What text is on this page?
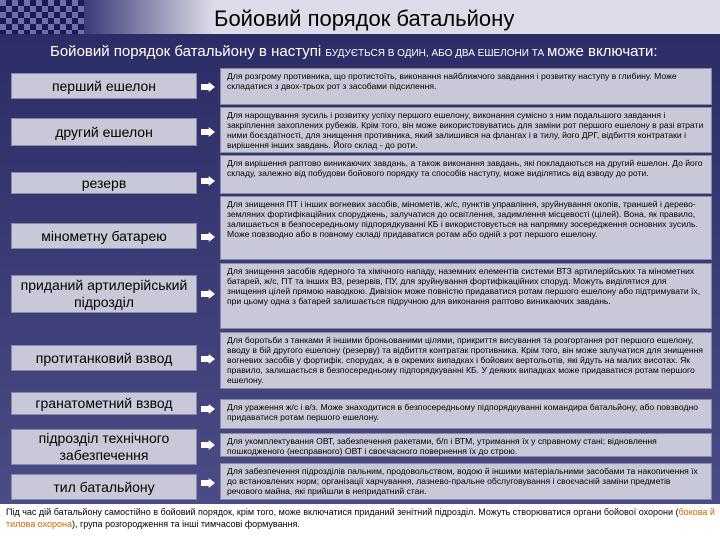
Бойовий порядок батальйону
Бойовий порядок батальйону в наступі БУДУЄТЬСЯ В ОДИН, АБО ДВА ЕШЕЛОНИ ТА може включати:
перший ешелон
Для розгрому противника, що протистоїть, виконання найближчого завдання і розвитку наступу в глибину. Може складатися з двох-трьох рот з засобами підсилення.
другий ешелон
Для нарощування зусиль і розвитку успіху першого ешелону, виконання сумісно з ним подальшого завдання і закріплення захоплених рубежів. Крім того, він може використовуватись для заміни рот першого ешелону в разі втрати ними боєздатності, для знищення противника, який залишився на флангах і в тилу, його ДРГ, відбиття контратаки і вирішення інших завдань. Його склад - до роти.
резерв
Для вирішення раптово виникаючих завдань, а також виконання завдань, які покладаються на другий ешелон. До його складу, залежно від побудови бойового порядку та способів наступу, може виділятись від взводу до роти.
мінометну батарею
Для знищення ПТ і інших вогневих засобів, мінометів, ж/с, пунктів управління, зруйнування окопів, траншей і дерево-земляних фортифікаційних споруджень, залучатися до освітлення, задимлення місцевості (цілей). Вона, як правило, залишається в безпосередньому підпорядкуванні КБ і використовується на напрямку зосередження основних зусиль. Може повзводно або в повному складі придаватися ротам або одній з рот першого ешелону.
приданий артилерійський підрозділ
Для знищення засобів ядерного та хімічного нападу, наземних елементів системи ВТЗ артилерійських та мінометних батарей, ж/с, ПТ та інших ВЗ, резервів, ПУ, для зруйнування фортифікаційних споруд. Можуть виділятися для знищення цілей прямою наводкою. Дивізіон може повністю придаватися ротам першого ешелону або підтримувати їх, при цьому одна з батарей залишається підручною для виконання раптово виникаючих завдань.
протитанковий взвод
Для боротьби з танками й іншими броньованими цілями, прикриття висування та розгортання рот першого ешелону, вводу в бій другого ешелону (резерву) та відбиття контратак противника. Крім того, він може залучатися для знищення вогневих засобів у фортифік. спорудах, а в окремих випадках і бойових вертольотів, які йдуть на малих висотах. Як правило, залишається в безпосередньому підпорядкуванні КБ. У деяких випадках може придаватися ротам першого ешелону.
гранатометний взвод	Для ураження ж/с і в/з. Може знаходитися в безпосередньому підпорядкуванні командира батальйону, або повзводно придаватися ротам першого ешелону.
підрозділ технічного забезпечення
Для укомплектування ОВТ, забезпечення ракетами, б/п і ВТМ, утримання їх у справному стані; відновлення пошкодженого (несправного) ОВТ і своєчасного повернення їх до строю.
тил батальйону
Для забезпечення підрозділів пальним, продовольством, водою й іншими матеріальними засобами та накопичення їх до встановлених норм; організації харчування, лазнево-пральне обслуговування і своєчасній заміни предметів речового майна, які прийшли в непридатний стан.
Під час дій батальйону самостійно в бойовий порядок, крім того, може включатися приданий зенітний підрозділ. Можуть створюватися органи бойової охорони (бокова й тилова охорона), група розгородження та інші тимчасові формування.
